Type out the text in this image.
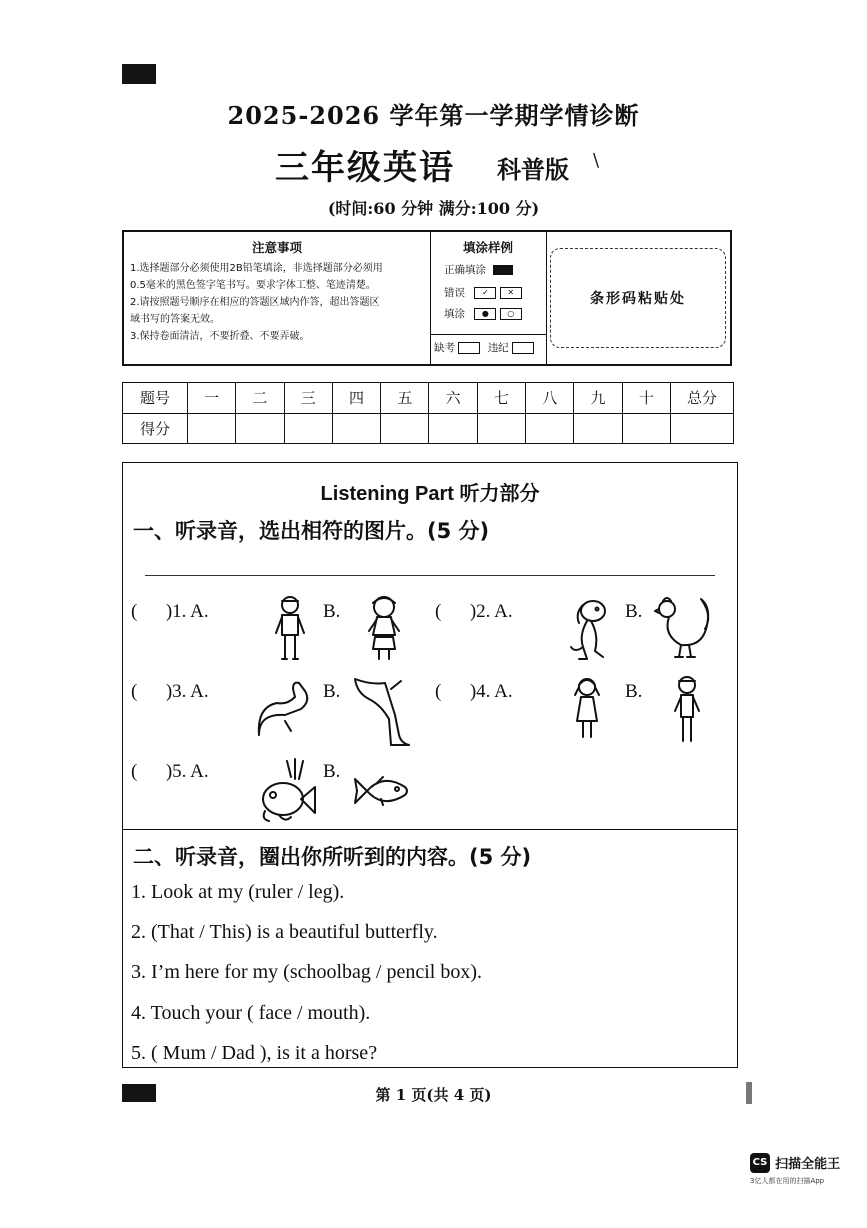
2025-2026 学年第一学期学情诊断
三年级英语 科普版 \
(时间:60 分钟 满分:100 分)
注意事项
1.选择题部分必须使用2B铅笔填涂，非选择题部分必须用
0.5毫米的黑色签字笔书写。要求字体工整、笔迹清楚。
2.请按照题号顺序在相应的答题区域内作答，超出答题区
域书写的答案无效。
3.保持卷面清洁，不要折叠、不要弄破。
填涂样例
正确填涂
错误 ✓ ✕
填涂 ● ○
缺考	违纪
条形码粘贴处
题号	一	二	三	四	五	六	七	八	九	十	总分
得分											
Listening Part 听力部分
一、听录音，选出相符的图片。(5 分)
(      )1. A.	B.	(      )2. A.	B.
(      )3. A.	B.	(      )4. A.	B.
(      )5. A.	B.
二、听录音，圈出你所听到的内容。(5 分)
1. Look at my (ruler / leg).
2. (That / This) is a beautiful butterfly.
3. I’m here for my (schoolbag / pencil box).
4. Touch your ( face / mouth).
5. ( Mum / Dad ), is it a horse?
第 1 页(共 4 页)
CS 扫描全能王
3亿人都在用的扫描App
